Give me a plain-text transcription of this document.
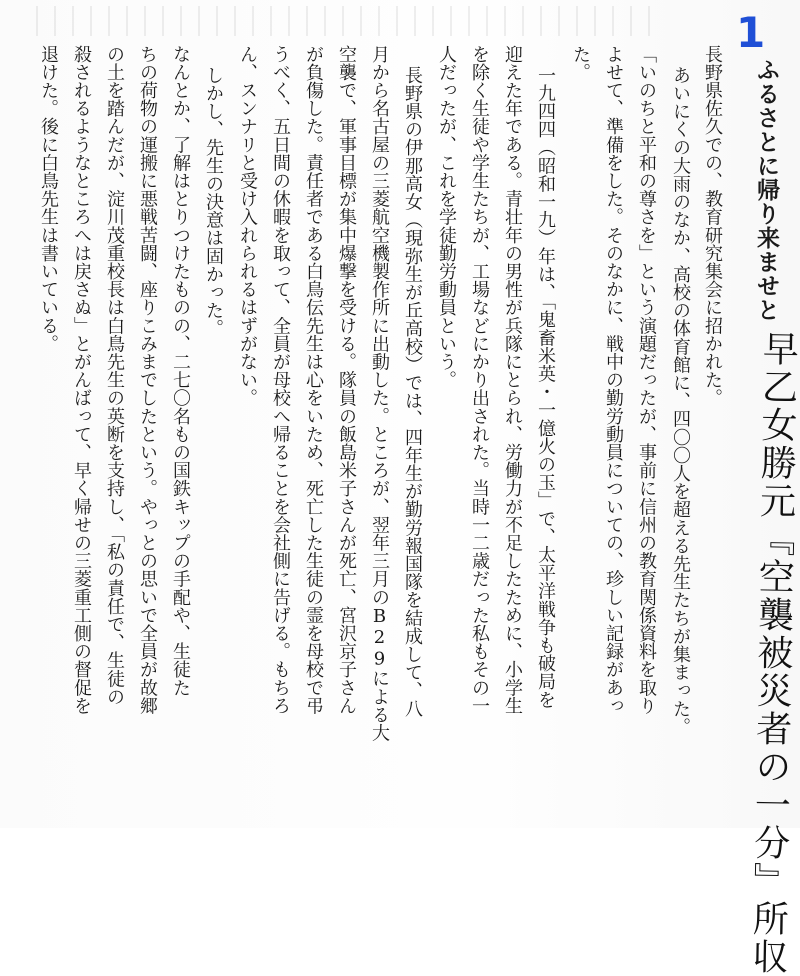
1
ふるさとに帰り来ませと
早乙女勝元『空襲被災者の一分』所収
長野県佐久での、教育研究集会に招かれた。
あいにくの大雨のなか、高校の体育館に、四〇〇人を超える先生たちが集まった。
「いのちと平和の尊さを」という演題だったが、事前に信州の教育関係資料を取り
よせて、準備をした。そのなかに、戦中の勤労動員についての、珍しい記録があっ
た。
一九四四（昭和一九）年は、「鬼畜米英・一億火の玉」で、太平洋戦争も破局を
迎えた年である。青壮年の男性が兵隊にとられ、労働力が不足したために、小学生
を除く生徒や学生たちが、工場などにかり出された。当時一二歳だった私もその一
人だったが、これを学徒勤労動員という。
長野県の伊那高女（現弥生が丘高校）では、四年生が勤労報国隊を結成して、八
月から名古屋の三菱航空機製作所に出動した。ところが、翌年三月のB29による大
空襲で、軍事目標が集中爆撃を受ける。隊員の飯島米子さんが死亡、宮沢京子さん
が負傷した。責任者である白鳥伝先生は心をいため、死亡した生徒の霊を母校で弔
うべく、五日間の休暇を取って、全員が母校へ帰ることを会社側に告げる。もちろ
ん、スンナリと受け入れられるはずがない。
しかし、先生の決意は固かった。
なんとか、了解はとりつけたものの、二七〇名もの国鉄キップの手配や、生徒た
ちの荷物の運搬に悪戦苦闘、座りこみまでしたという。やっとの思いで全員が故郷
の土を踏んだが、淀川茂重校長は白鳥先生の英断を支持し、「私の責任で、生徒の
殺されるようなところへは戻さぬ」とがんばって、早く帰せの三菱重工側の督促を
退けた。後に白鳥先生は書いている。
